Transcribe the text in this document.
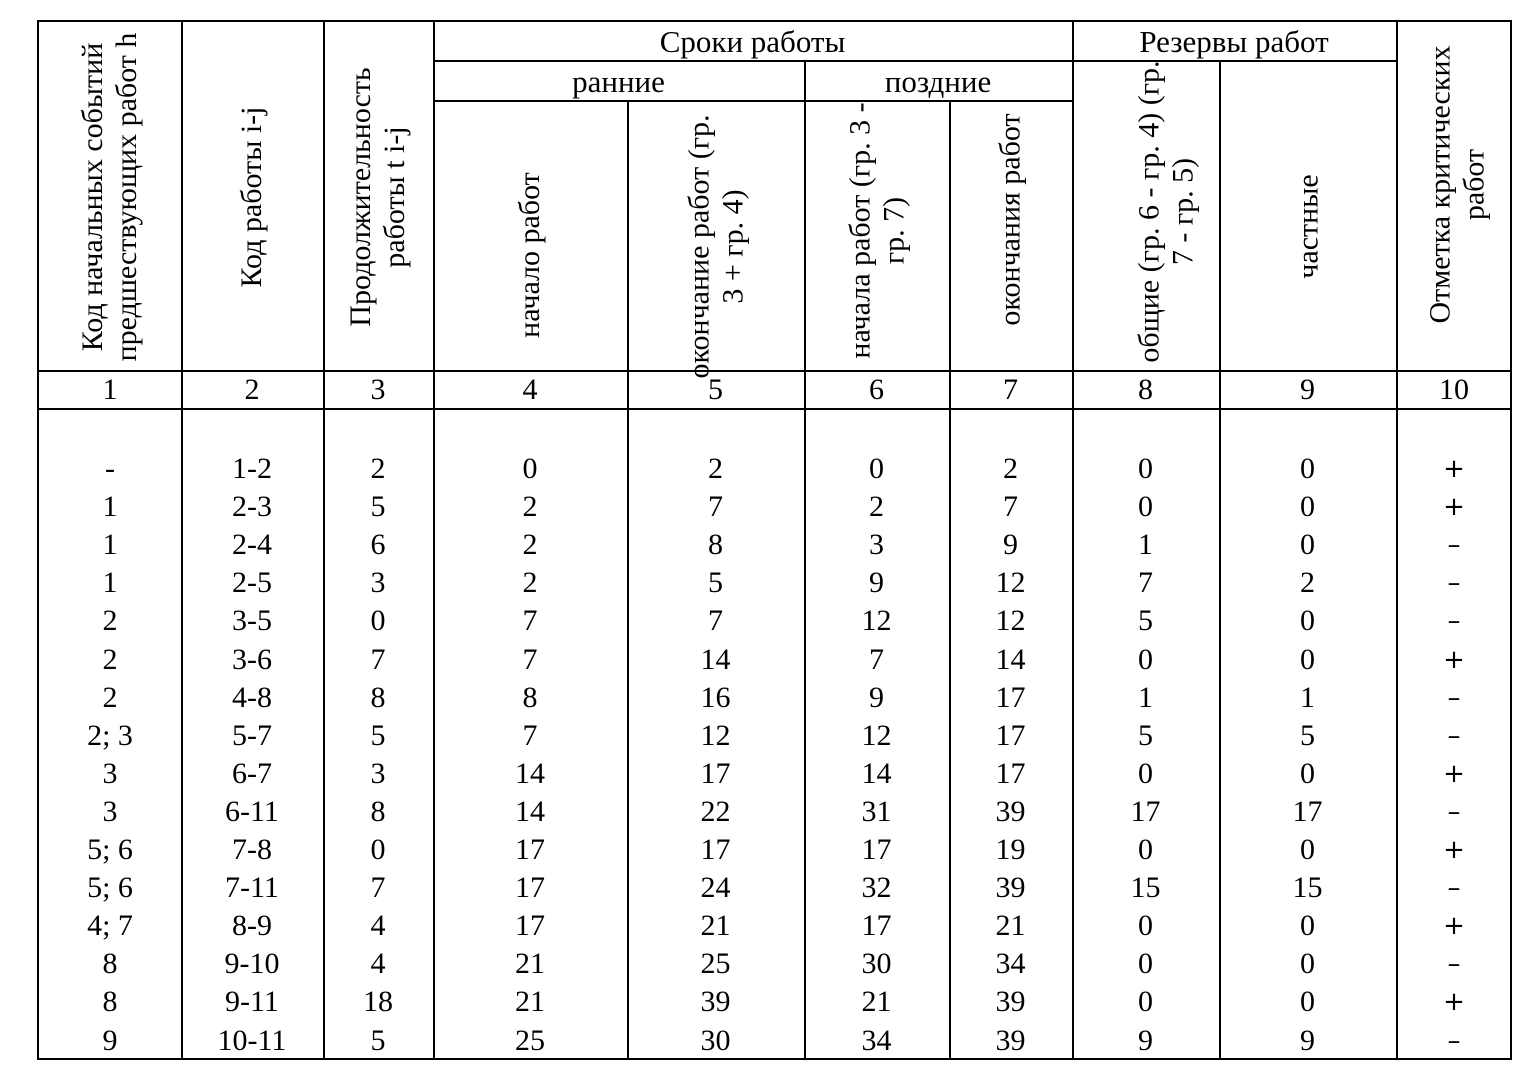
Сроки работы
ранние	поздние
Резервы работ
Код начальных событий предшествующих работ h	Код работы i-j	Продолжительность работы t i-j	начало работ	окончание работ (гр. 3 + гр. 4)	начала работ (гр. 3 - гр. 7)	окончания работ	общие (гр. 6 - гр. 4) (гр. 7 - гр. 5)	частные	Отметка критических работ
1	2	3	4	5	6	7	8	9	10
-	1-2	2	0	2	0	2	0	0	+
1	2-3	5	2	7	2	7	0	0	+
1	2-4	6	2	8	3	9	1	0	–
1	2-5	3	2	5	9	12	7	2	–
2	3-5	0	7	7	12	12	5	0	–
2	3-6	7	7	14	7	14	0	0	+
2	4-8	8	8	16	9	17	1	1	–
2; 3	5-7	5	7	12	12	17	5	5	–
3	6-7	3	14	17	14	17	0	0	+
3	6-11	8	14	22	31	39	17	17	–
5; 6	7-8	0	17	17	17	19	0	0	+
5; 6	7-11	7	17	24	32	39	15	15	–
4; 7	8-9	4	17	21	17	21	0	0	+
8	9-10	4	21	25	30	34	0	0	–
8	9-11	18	21	39	21	39	0	0	+
9	10-11	5	25	30	34	39	9	9	–
